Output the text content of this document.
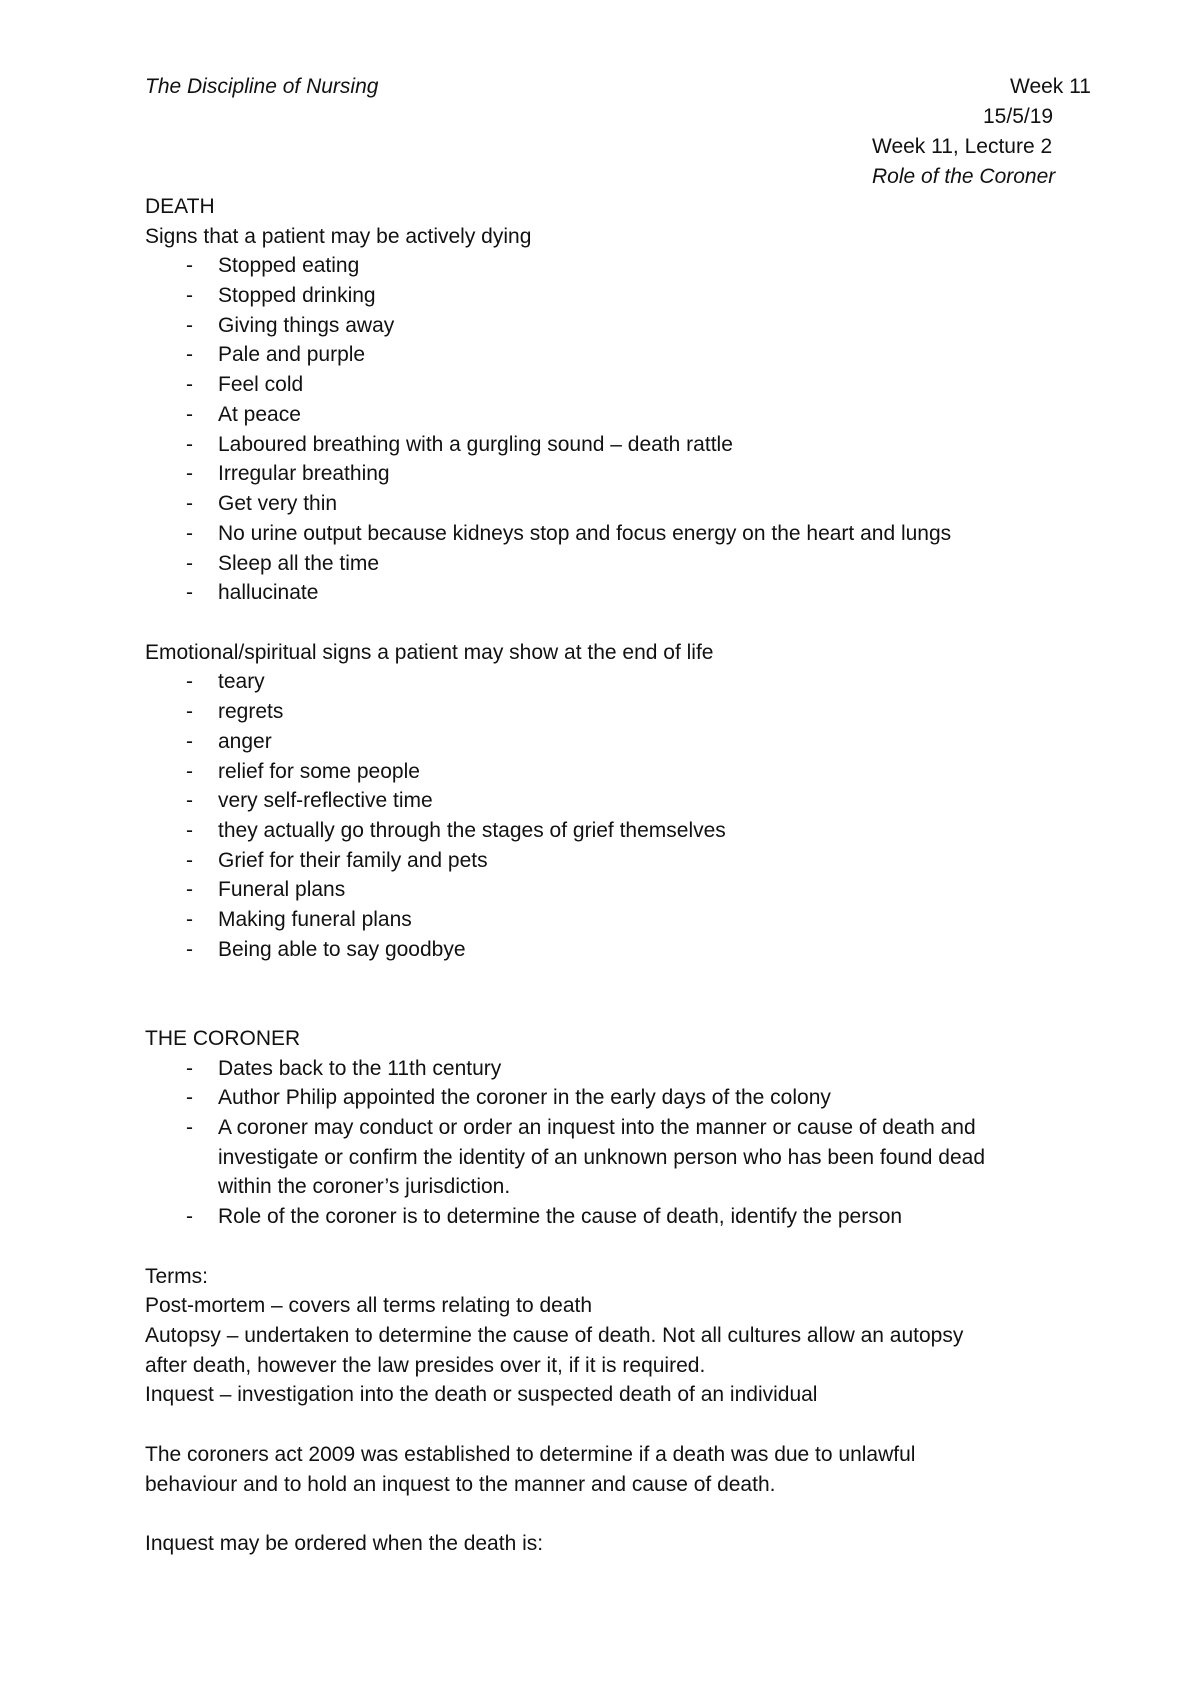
The Discipline of Nursing	Week 11
15/5/19
Week 11, Lecture 2
Role of the Coroner
DEATH
Signs that a patient may be actively dying
- Stopped eating
- Stopped drinking
- Giving things away
- Pale and purple
- Feel cold
- At peace
- Laboured breathing with a gurgling sound – death rattle
- Irregular breathing
- Get very thin
- No urine output because kidneys stop and focus energy on the heart and lungs
- Sleep all the time
- hallucinate
Emotional/spiritual signs a patient may show at the end of life
- teary
- regrets
- anger
- relief for some people
- very self-reflective time
- they actually go through the stages of grief themselves
- Grief for their family and pets
- Funeral plans
- Making funeral plans
- Being able to say goodbye
THE CORONER
- Dates back to the 11th century
- Author Philip appointed the coroner in the early days of the colony
- A coroner may conduct or order an inquest into the manner or cause of death and
investigate or confirm the identity of an unknown person who has been found dead
within the coroner’s jurisdiction.
- Role of the coroner is to determine the cause of death, identify the person
Terms:
Post-mortem – covers all terms relating to death
Autopsy – undertaken to determine the cause of death. Not all cultures allow an autopsy
after death, however the law presides over it, if it is required.
Inquest – investigation into the death or suspected death of an individual
The coroners act 2009 was established to determine if a death was due to unlawful
behaviour and to hold an inquest to the manner and cause of death.
Inquest may be ordered when the death is:
